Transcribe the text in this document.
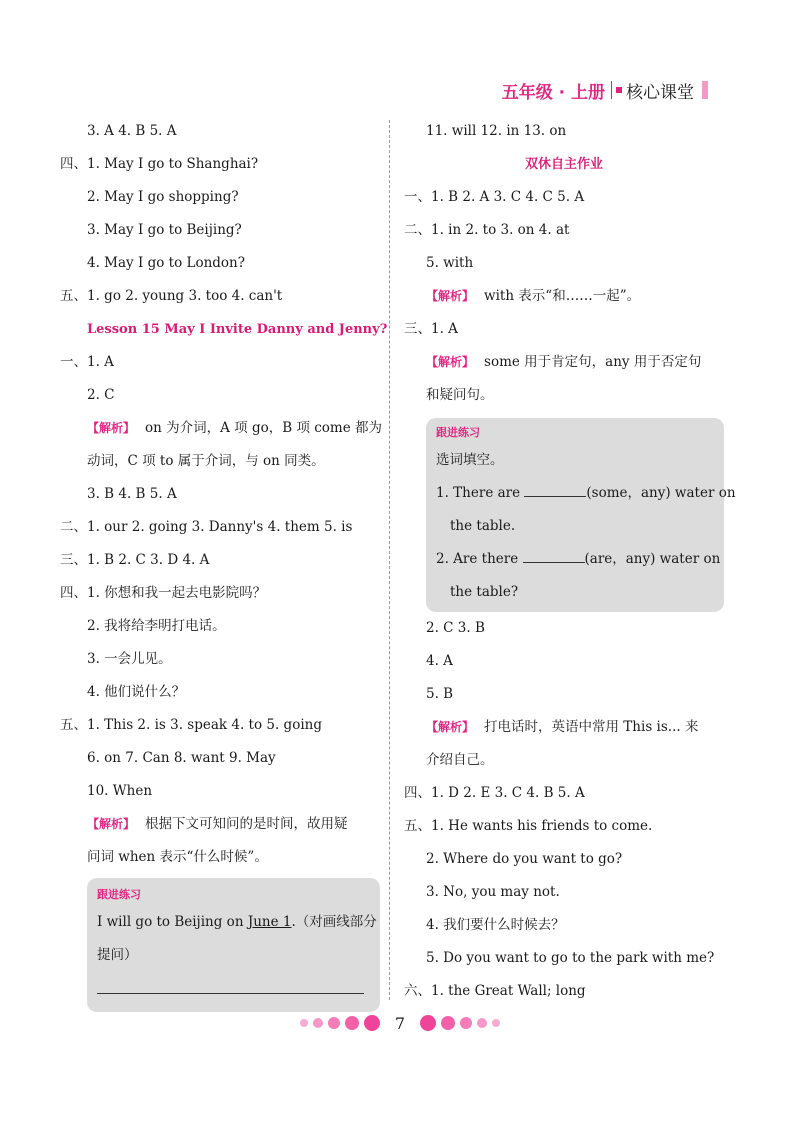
五年级 · 上册 核心课堂
3. A 4. B 5. A
四、1. May I go to Shanghai?
2. May I go shopping?
3. May I go to Beijing?
4. May I go to London?
五、1. go 2. young 3. too 4. can't
Lesson 15 May I Invite Danny and Jenny?
一、1. A
2. C
【解析】 on 为介词，A 项 go，B 项 come 都为
动词，C 项 to 属于介词，与 on 同类。
3. B 4. B 5. A
二、1. our 2. going 3. Danny's 4. them 5. is
三、1. B 2. C 3. D 4. A
四、1. 你想和我一起去电影院吗？
2. 我将给李明打电话。
3. 一会儿见。
4. 他们说什么？
五、1. This 2. is 3. speak 4. to 5. going
6. on 7. Can 8. want 9. May
10. When
【解析】 根据下文可知问的是时间，故用疑
问词 when 表示“什么时候”。
跟进练习
I will go to Beijing on June 1.（对画线部分
提问）
11. will 12. in 13. on
双休自主作业
一、1. B 2. A 3. C 4. C 5. A
二、1. in 2. to 3. on 4. at
5. with
【解析】 with 表示“和……一起”。
三、1. A
【解析】 some 用于肯定句，any 用于否定句
和疑问句。
跟进练习
选词填空。
1. There are	(some，any) water on
the table.
2. Are there	(are，any) water on
the table?
2. C 3. B
4. A
5. B
【解析】 打电话时，英语中常用 This is... 来
介绍自己。
四、1. D 2. E 3. C 4. B 5. A
五、1. He wants his friends to come.
2. Where do you want to go?
3. No, you may not.
4. 我们要什么时候去？
5. Do you want to go to the park with me?
六、1. the Great Wall; long
7
